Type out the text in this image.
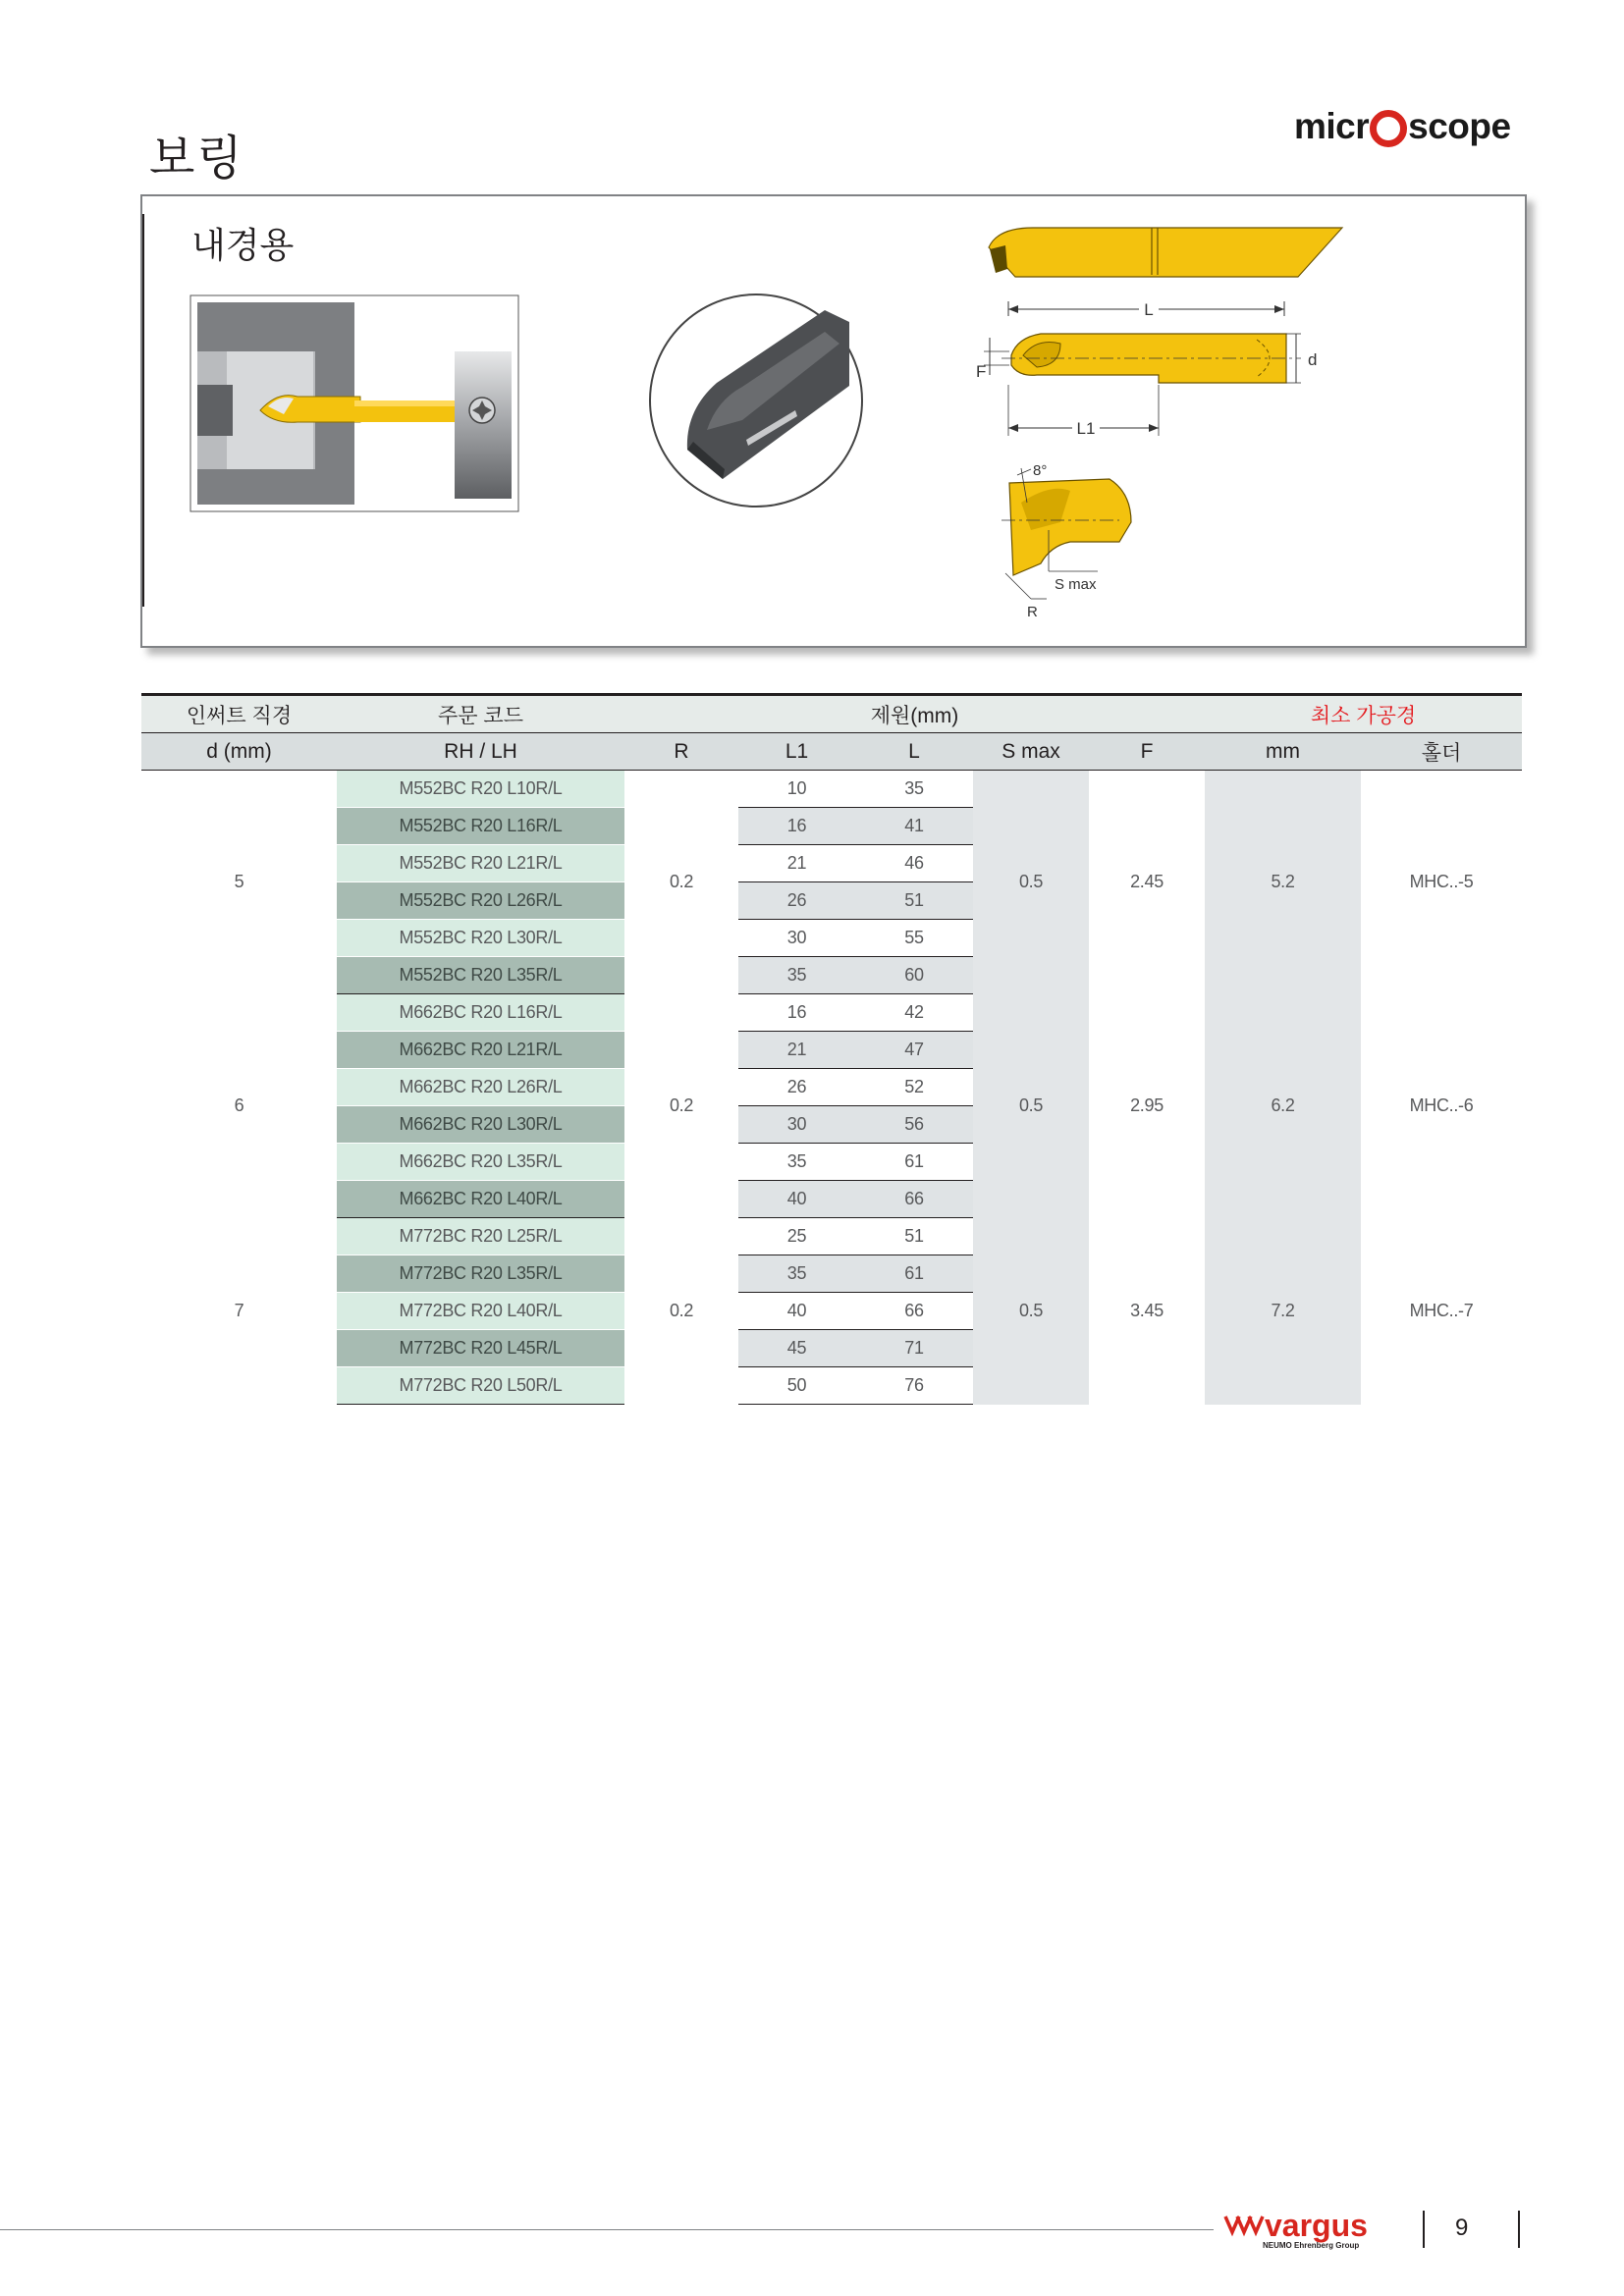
보링
micr scope
내경용
L
F
d
L1
8°
S max
R
인써트 직경	주문 코드	제원(mm)					최소 가공경	
d (mm)	RH / LH	R	L1	L	S max	F	mm	홀더
5	M552BC R20 L10R/L	0.2	10	35	0.5	2.45	5.2	MHC..-5
	M552BC R20 L16R/L		16	41				
	M552BC R20 L21R/L		21	46				
	M552BC R20 L26R/L		26	51				
	M552BC R20 L30R/L		30	55				
	M552BC R20 L35R/L		35	60				
6	M662BC R20 L16R/L	0.2	16	42	0.5	2.95	6.2	MHC..-6
	M662BC R20 L21R/L		21	47				
	M662BC R20 L26R/L		26	52				
	M662BC R20 L30R/L		30	56				
	M662BC R20 L35R/L		35	61				
	M662BC R20 L40R/L		40	66				
7	M772BC R20 L25R/L	0.2	25	51	0.5	3.45	7.2	MHC..-7
	M772BC R20 L35R/L		35	61				
	M772BC R20 L40R/L		40	66				
	M772BC R20 L45R/L		45	71				
	M772BC R20 L50R/L		50	76				
vargus
NEUMO Ehrenberg Group
9
